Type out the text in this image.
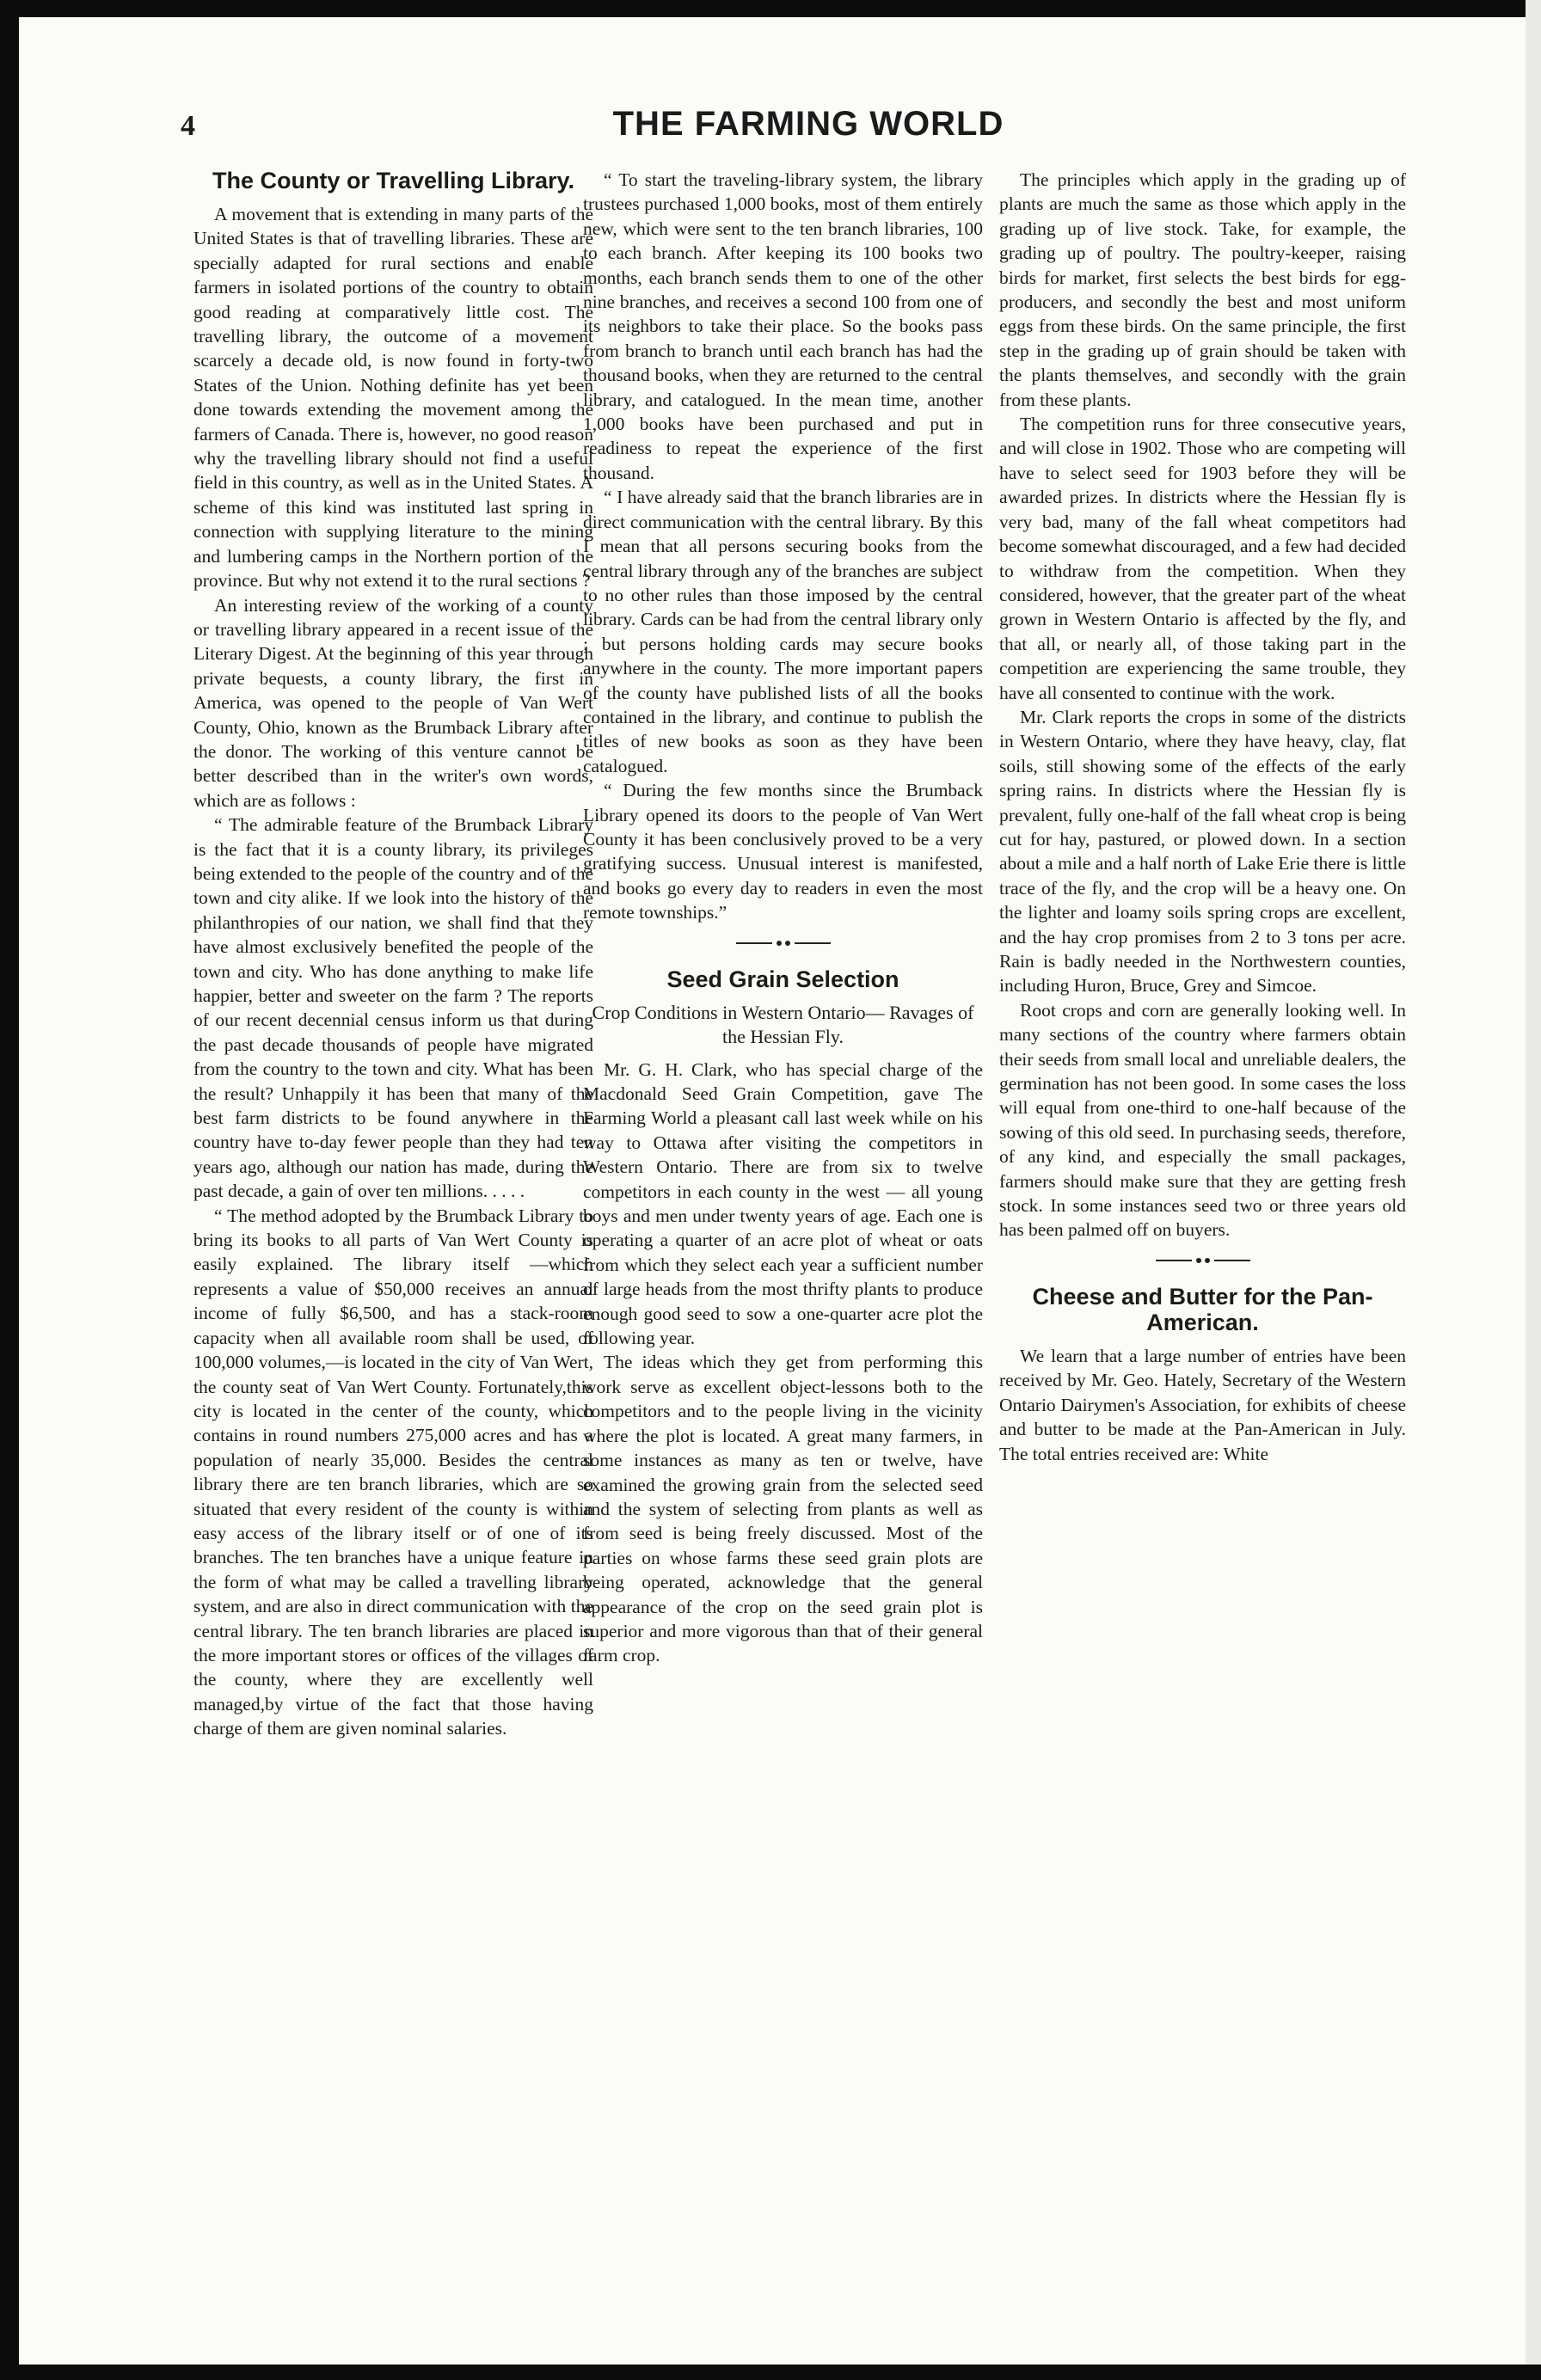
4	THE FARMING WORLD
The County or Travelling Library.

A movement that is extending in many parts of the United States is that of travelling libraries. These are specially adapted for rural sections and enable farmers in isolated portions of the country to obtain good reading at comparatively little cost. The travelling library, the outcome of a movement scarcely a decade old, is now found in forty-two States of the Union. Nothing definite has yet been done towards extending the movement among the farmers of Canada. There is, however, no good reason why the travelling library should not find a useful field in this country, as well as in the United States. A scheme of this kind was instituted last spring in connection with supplying literature to the mining and lumbering camps in the Northern portion of the province. But why not extend it to the rural sections ?

An interesting review of the working of a county or travelling library appeared in a recent issue of the Literary Digest. At the beginning of this year through private bequests, a county library, the first in America, was opened to the people of Van Wert County, Ohio, known as the Brumback Library after the donor. The working of this venture cannot be better described than in the writer's own words, which are as follows :

“ The admirable feature of the Brumback Library is the fact that it is a county library, its privileges being extended to the people of the country and of the town and city alike. If we look into the history of the philanthropies of our nation, we shall find that they have almost exclusively benefited the people of the town and city. Who has done anything to make life happier, better and sweeter on the farm ? The reports of our recent decennial census inform us that during the past decade thousands of people have migrated from the country to the town and city. What has been the result? Unhappily it has been that many of the best farm districts to be found anywhere in the country have to-day fewer people than they had ten years ago, although our nation has made, during the past decade, a gain of over ten millions. . . . .

“ The method adopted by the Brumback Library to bring its books to all parts of Van Wert County is easily explained. The library itself —which represents a value of $50,000 receives an annual income of fully $6,500, and has a stack-room capacity when all available room shall be used, of 100,000 volumes,—is located in the city of Van Wert, the county seat of Van Wert County. Fortunately,this city is located in the center of the county, which contains in round numbers 275,000 acres and has a population of nearly 35,000. Besides the central library there are ten branch libraries, which are so situated that every resident of the county is within easy access of the library itself or of one of its branches. The ten branches have a unique feature in the form of what may be called a travelling library system, and are also in direct communication with the central library. The ten branch libraries are placed in the more important stores or offices of the villages of the county, where they are excellently well managed,by virtue of the fact that those having charge of them are given nominal salaries.

“ To start the traveling-library system, the library trustees purchased 1,000 books, most of them entirely new, which were sent to the ten branch libraries, 100 to each branch. After keeping its 100 books two months, each branch sends them to one of the other nine branches, and receives a second 100 from one of its neighbors to take their place. So the books pass from branch to branch until each branch has had the thousand books, when they are returned to the central library, and catalogued. In the mean time, another 1,000 books have been purchased and put in readiness to repeat the experience of the first thousand.

“ I have already said that the branch libraries are in direct communication with the central library. By this I mean that all persons securing books from the central library through any of the branches are subject to no other rules than those imposed by the central library. Cards can be had from the central library only ; but persons holding cards may secure books anywhere in the county. The more important papers of the county have published lists of all the books contained in the library, and continue to publish the titles of new books as soon as they have been catalogued.

“ During the few months since the Brumback Library opened its doors to the people of Van Wert County it has been conclusively proved to be a very gratifying success. Unusual interest is manifested, and books go every day to readers in even the most remote townships.”

Seed Grain Selection
Crop Conditions in Western Ontario— Ravages of the Hessian Fly.

Mr. G. H. Clark, who has special charge of the Macdonald Seed Grain Competition, gave The Farming World a pleasant call last week while on his way to Ottawa after visiting the competitors in Western Ontario. There are from six to twelve competitors in each county in the west — all young boys and men under twenty years of age. Each one is operating a quarter of an acre plot of wheat or oats from which they select each year a sufficient number of large heads from the most thrifty plants to produce enough good seed to sow a one-quarter acre plot the following year.

The ideas which they get from performing this work serve as excellent object-lessons both to the competitors and to the people living in the vicinity where the plot is located. A great many farmers, in some instances as many as ten or twelve, have examined the growing grain from the selected seed and the system of selecting from plants as well as from seed is being freely discussed. Most of the parties on whose farms these seed grain plots are being operated, acknowledge that the general appearance of the crop on the seed grain plot is superior and more vigorous than that of their general farm crop.

The principles which apply in the grading up of plants are much the same as those which apply in the grading up of live stock. Take, for example, the grading up of poultry. The poultry-keeper, raising birds for market, first selects the best birds for egg-producers, and secondly the best and most uniform eggs from these birds. On the same principle, the first step in the grading up of grain should be taken with the plants themselves, and secondly with the grain from these plants.

The competition runs for three consecutive years, and will close in 1902. Those who are competing will have to select seed for 1903 before they will be awarded prizes. In districts where the Hessian fly is very bad, many of the fall wheat competitors had become somewhat discouraged, and a few had decided to withdraw from the competition. When they considered, however, that the greater part of the wheat grown in Western Ontario is affected by the fly, and that all, or nearly all, of those taking part in the competition are experiencing the same trouble, they have all consented to continue with the work.

Mr. Clark reports the crops in some of the districts in Western Ontario, where they have heavy, clay, flat soils, still showing some of the effects of the early spring rains. In districts where the Hessian fly is prevalent, fully one-half of the fall wheat crop is being cut for hay, pastured, or plowed down. In a section about a mile and a half north of Lake Erie there is little trace of the fly, and the crop will be a heavy one. On the lighter and loamy soils spring crops are excellent, and the hay crop promises from 2 to 3 tons per acre. Rain is badly needed in the Northwestern counties, including Huron, Bruce, Grey and Simcoe.

Root crops and corn are generally looking well. In many sections of the country where farmers obtain their seeds from small local and unreliable dealers, the germination has not been good. In some cases the loss will equal from one-third to one-half because of the sowing of this old seed. In purchasing seeds, therefore, of any kind, and especially the small packages, farmers should make sure that they are getting fresh stock. In some instances seed two or three years old has been palmed off on buyers.

Cheese and Butter for the Pan-American.

We learn that a large number of entries have been received by Mr. Geo. Hately, Secretary of the Western Ontario Dairymen's Association, for exhibits of cheese and butter to be made at the Pan-American in July. The total entries received are: White
